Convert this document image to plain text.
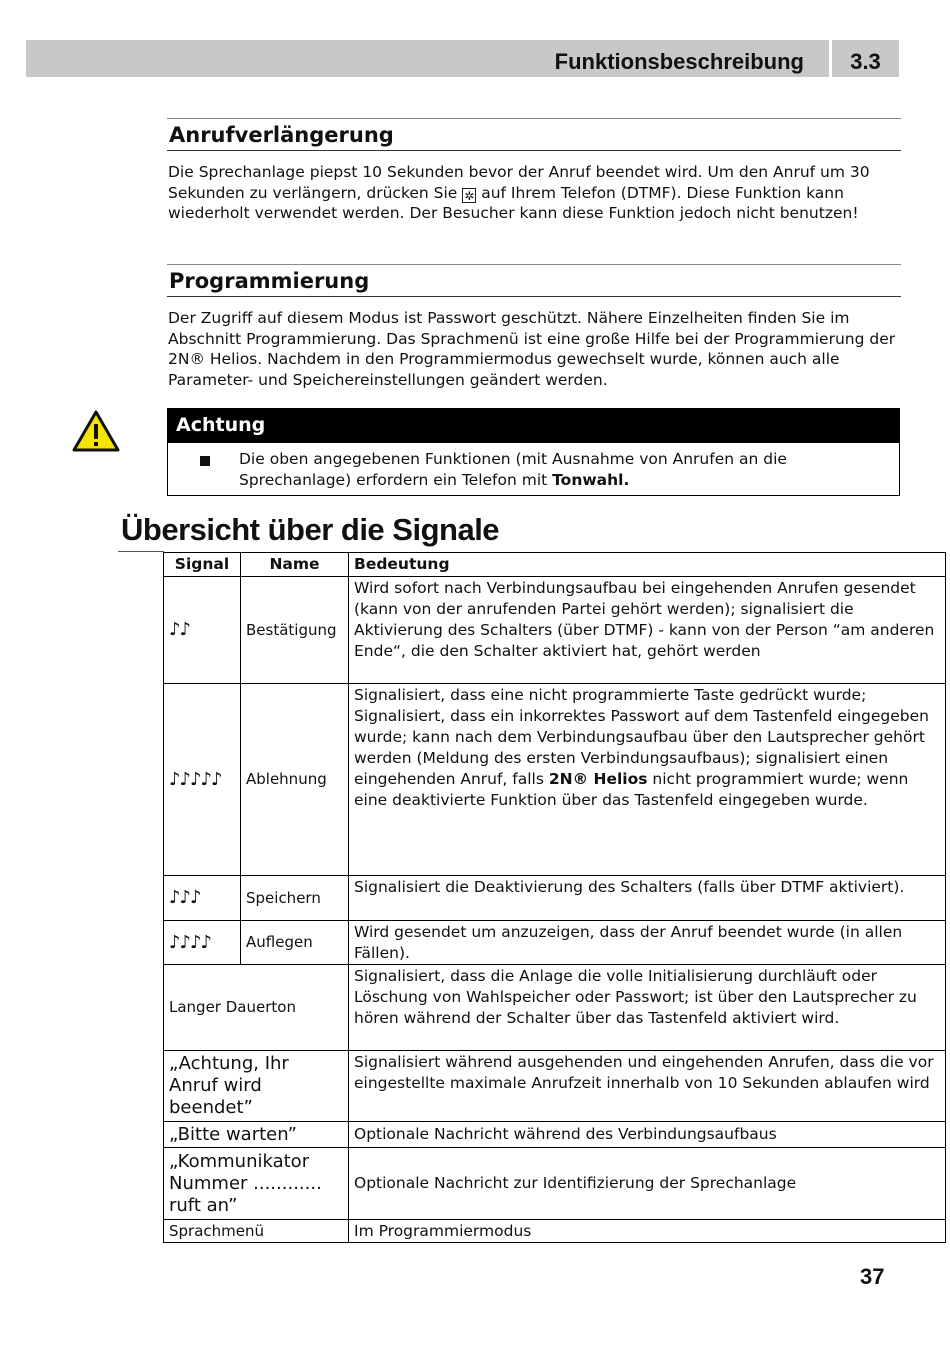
Funktionsbeschreibung	3.3
Anrufverlängerung

Die Sprechanlage piepst 10 Sekunden bevor der Anruf beendet wird. Um den Anruf um 30 Sekunden zu verlängern, drücken Sie ✲ auf Ihrem Telefon (DTMF). Diese Funktion kann wiederholt verwendet werden. Der Besucher kann diese Funktion jedoch nicht benutzen!

Programmierung

Der Zugriff auf diesem Modus ist Passwort geschützt. Nähere Einzelheiten finden Sie im Abschnitt Programmierung. Das Sprachmenü ist eine große Hilfe bei der Programmierung der 2N® Helios. Nachdem in den Programmiermodus gewechselt wurde, können auch alle Parameter- und Speichereinstellungen geändert werden.

Achtung
Die oben angegebenen Funktionen (mit Ausnahme von Anrufen an die Sprechanlage) erfordern ein Telefon mit Tonwahl.
Übersicht über die Signale
Signal	Name	Bedeutung
♪♪	Bestätigung	Wird sofort nach Verbindungsaufbau bei eingehenden Anrufen gesendet (kann von der anrufenden Partei gehört werden); signalisiert die Aktivierung des Schalters (über DTMF) - kann von der Person “am anderen Ende“, die den Schalter aktiviert hat, gehört werden
♪♪♪♪♪	Ablehnung	Signalisiert, dass eine nicht programmierte Taste gedrückt wurde; Signalisiert, dass ein inkorrektes Passwort auf dem Tastenfeld eingegeben wurde; kann nach dem Verbindungsaufbau über den Lautsprecher gehört werden (Meldung des ersten Verbindungsaufbaus); signalisiert einen eingehenden Anruf, falls 2N® Helios nicht programmiert wurde; wenn eine deaktivierte Funktion über das Tastenfeld eingegeben wurde.
♪♪♪	Speichern	Signalisiert die Deaktivierung des Schalters (falls über DTMF aktiviert).
♪♪♪♪	Auflegen	Wird gesendet um anzuzeigen, dass der Anruf beendet wurde (in allen Fällen).
Langer Dauerton		Signalisiert, dass die Anlage die volle Initialisierung durchläuft oder Löschung von Wahlspeicher oder Passwort; ist über den Lautsprecher zu hören während der Schalter über das Tastenfeld aktiviert wird.
„Achtung, Ihr Anruf wird beendet”		Signalisiert während ausgehenden und eingehenden Anrufen, dass die vor eingestellte maximale Anrufzeit innerhalb von 10 Sekunden ablaufen wird
„Bitte warten”		Optionale Nachricht während des Verbindungsaufbaus
„Kommunikator Nummer ............ ruft an”		Optionale Nachricht zur Identifizierung der Sprechanlage
Sprachmenü		Im Programmiermodus
37
